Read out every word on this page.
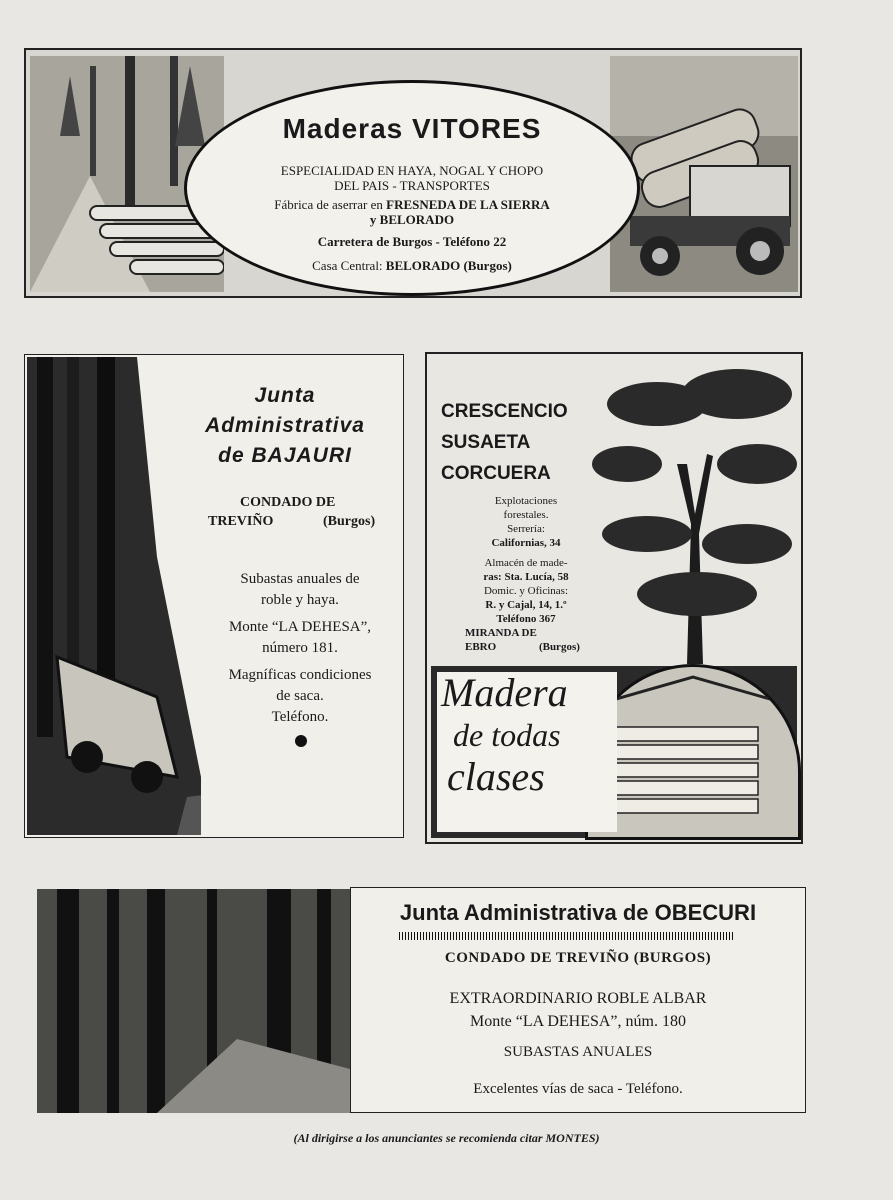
Maderas VITORES
ESPECIALIDAD EN HAYA, NOGAL Y CHOPO
DEL PAIS - TRANSPORTES
Fábrica de aserrar en FRESNEDA DE LA SIERRA
y BELORADO
Carretera de Burgos - Teléfono 22
Casa Central: BELORADO (Burgos)
Junta
Administrativa
de BAJAURI
CONDADO DE
TREVIÑO	(Burgos)
Subastas anuales de
roble y haya.
Monte “LA DEHESA”,
número 181.
Magníficas condiciones
de saca.
Teléfono.
CRESCENCIO
SUSAETA
CORCUERA
Explotaciones
forestales.
Serrería:
Californias, 34
Almacén de made-
ras: Sta. Lucía, 58
Domic. y Oficinas:
R. y Cajal, 14, 1.º
Teléfono 367
MIRANDA DE
EBRO	(Burgos)
Madera
de todas
clases
Junta Administrativa de OBECURI
CONDADO DE TREVIÑO (BURGOS)
EXTRAORDINARIO ROBLE ALBAR
Monte “LA DEHESA”, núm. 180
SUBASTAS ANUALES
Excelentes vías de saca - Teléfono.
(Al dirigirse a los anunciantes se recomienda citar MONTES)
